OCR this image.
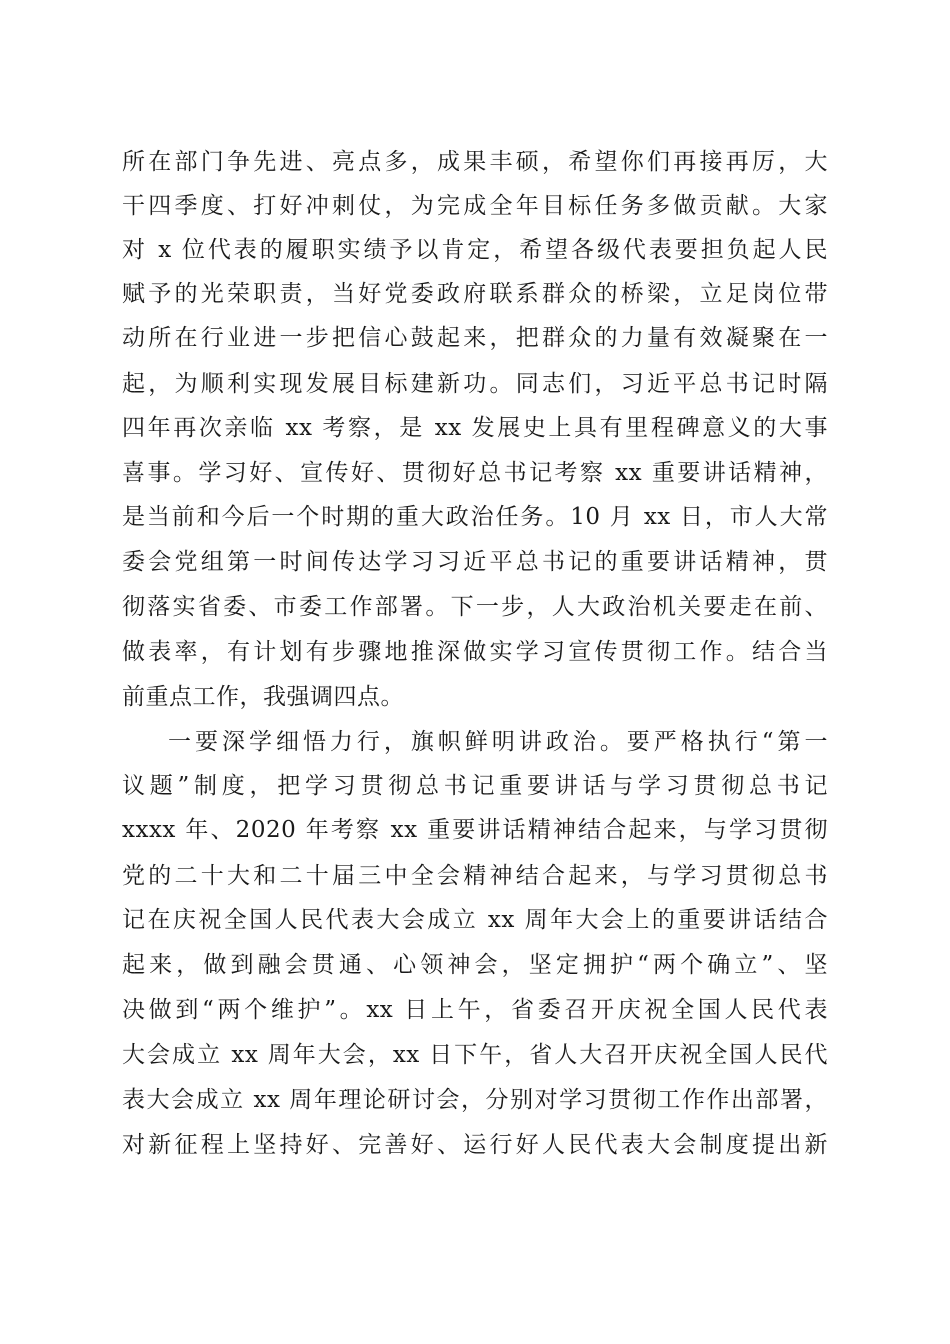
所在部门争先进、亮点多，成果丰硕，希望你们再接再厉，大
干四季度、打好冲刺仗，为完成全年目标任务多做贡献。大家
对 x 位代表的履职实绩予以肯定，希望各级代表要担负起人民
赋予的光荣职责，当好党委政府联系群众的桥梁，立足岗位带
动所在行业进一步把信心鼓起来，把群众的力量有效凝聚在一
起，为顺利实现发展目标建新功。同志们，习近平总书记时隔
四年再次亲临 xx 考察，是 xx 发展史上具有里程碑意义的大事
喜事。学习好、宣传好、贯彻好总书记考察 xx 重要讲话精神，
是当前和今后一个时期的重大政治任务。10 月 xx 日，市人大常
委会党组第一时间传达学习习近平总书记的重要讲话精神，贯
彻落实省委、市委工作部署。下一步，人大政治机关要走在前、
做表率，有计划有步骤地推深做实学习宣传贯彻工作。结合当
前重点工作，我强调四点。
一要深学细悟力行，旗帜鲜明讲政治。要严格执行“第一
议题”制度，把学习贯彻总书记重要讲话与学习贯彻总书记
xxxx 年、2020 年考察 xx 重要讲话精神结合起来，与学习贯彻
党的二十大和二十届三中全会精神结合起来，与学习贯彻总书
记在庆祝全国人民代表大会成立 xx 周年大会上的重要讲话结合
起来，做到融会贯通、心领神会，坚定拥护“两个确立”、坚
决做到“两个维护”。xx 日上午，省委召开庆祝全国人民代表
大会成立 xx 周年大会，xx 日下午，省人大召开庆祝全国人民代
表大会成立 xx 周年理论研讨会，分别对学习贯彻工作作出部署，
对新征程上坚持好、完善好、运行好人民代表大会制度提出新
